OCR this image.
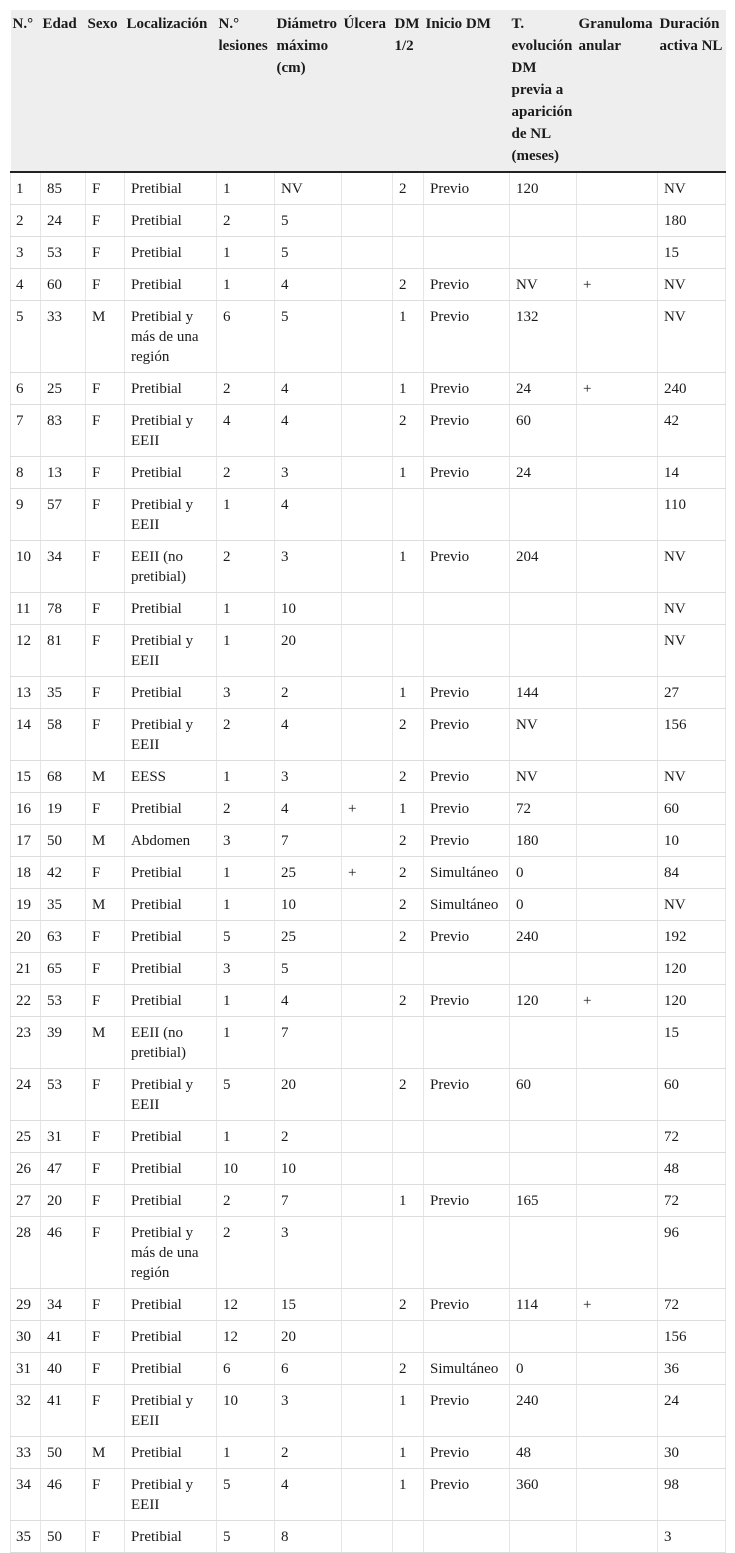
N.°	Edad	Sexo	Localización	N.° lesiones	Diámetro máximo (cm)	Úlcera	DM 1/2	Inicio DM	T. evolución DM previa a aparición de NL (meses)	Granuloma anular	Duración activa NL
1	85	F	Pretibial	1	NV		2	Previo	120		NV
2	24	F	Pretibial	2	5						180
3	53	F	Pretibial	1	5						15
4	60	F	Pretibial	1	4		2	Previo	NV	+	NV
5	33	M	Pretibial y más de una región	6	5		1	Previo	132		NV
6	25	F	Pretibial	2	4		1	Previo	24	+	240
7	83	F	Pretibial y EEII	4	4		2	Previo	60		42
8	13	F	Pretibial	2	3		1	Previo	24		14
9	57	F	Pretibial y EEII	1	4						110
10	34	F	EEII (no pretibial)	2	3		1	Previo	204		NV
11	78	F	Pretibial	1	10						NV
12	81	F	Pretibial y EEII	1	20						NV
13	35	F	Pretibial	3	2		1	Previo	144		27
14	58	F	Pretibial y EEII	2	4		2	Previo	NV		156
15	68	M	EESS	1	3		2	Previo	NV		NV
16	19	F	Pretibial	2	4	+	1	Previo	72		60
17	50	M	Abdomen	3	7		2	Previo	180		10
18	42	F	Pretibial	1	25	+	2	Simultáneo	0		84
19	35	M	Pretibial	1	10		2	Simultáneo	0		NV
20	63	F	Pretibial	5	25		2	Previo	240		192
21	65	F	Pretibial	3	5						120
22	53	F	Pretibial	1	4		2	Previo	120	+	120
23	39	M	EEII (no pretibial)	1	7						15
24	53	F	Pretibial y EEII	5	20		2	Previo	60		60
25	31	F	Pretibial	1	2						72
26	47	F	Pretibial	10	10						48
27	20	F	Pretibial	2	7		1	Previo	165		72
28	46	F	Pretibial y más de una región	2	3						96
29	34	F	Pretibial	12	15		2	Previo	114	+	72
30	41	F	Pretibial	12	20						156
31	40	F	Pretibial	6	6		2	Simultáneo	0		36
32	41	F	Pretibial y EEII	10	3		1	Previo	240		24
33	50	M	Pretibial	1	2		1	Previo	48		30
34	46	F	Pretibial y EEII	5	4		1	Previo	360		98
35	50	F	Pretibial	5	8						3
